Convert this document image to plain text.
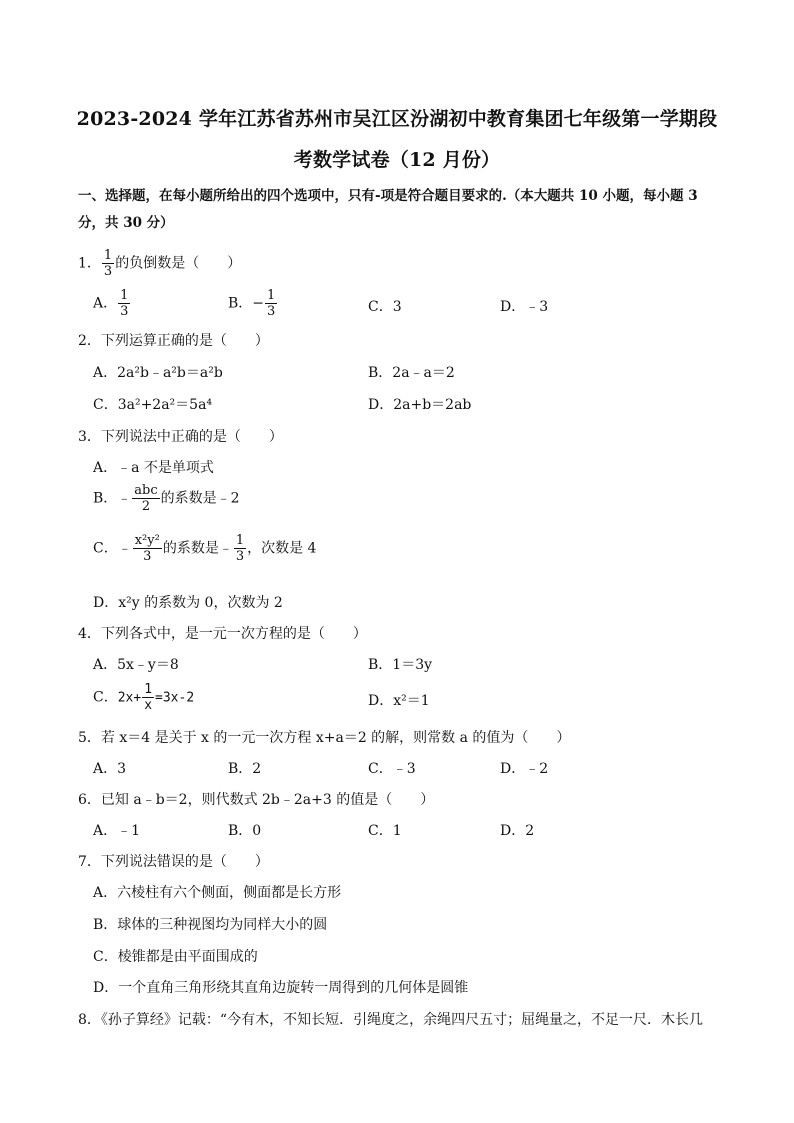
2023-2024 学年江苏省苏州市吴江区汾湖初中教育集团七年级第一学期段
考数学试卷（12 月份）
一、选择题，在每小题所给出的四个选项中，只有-项是符合题目要求的.（本大题共 10 小题，每小题 3 分，共 30 分）
1． $\frac{1}{3}$ 的负倒数是（　　）
A． $\frac{1}{3}$	B．− $\frac{1}{3}$	C．3	D．﹣3
2．下列运算正确的是（　　）
A．2a²b﹣a²b＝a²b	B．2a﹣a＝2
C．3a²+2a²＝5a⁴	D．2a+b＝2ab
3．下列说法中正确的是（　　）
A．﹣a 不是单项式
B．﹣ $\frac{\text{abc}}{2}$ 的系数是﹣2
C．﹣ $\frac{\text{x²y²}}{3}$ 的系数是﹣ $\frac{1}{3}$ ，次数是 4
D．x²y 的系数为 0，次数为 2
4．下列各式中，是一元一次方程的是（　　）
A．5x﹣y＝8	B．1＝3y
C．$2x+ \frac{1}{x} =3x-2$	D．x²＝1
5．若 x＝4 是关于 x 的一元一次方程 x+a＝2 的解，则常数 a 的值为（　　）
A．3	B．2	C．﹣3	D．﹣2
6．已知 a﹣b＝2，则代数式 2b﹣2a+3 的值是（　　）
A．﹣1	B．0	C．1	D．2
7．下列说法错误的是（　　）
A．六棱柱有六个侧面，侧面都是长方形
B．球体的三种视图均为同样大小的圆
C．棱锥都是由平面围成的
D．一个直角三角形绕其直角边旋转一周得到的几何体是圆锥
8．《孙子算经》记载：“今有木，不知长短．引绳度之，余绳四尺五寸；屈绳量之，不足一尺．木长几
